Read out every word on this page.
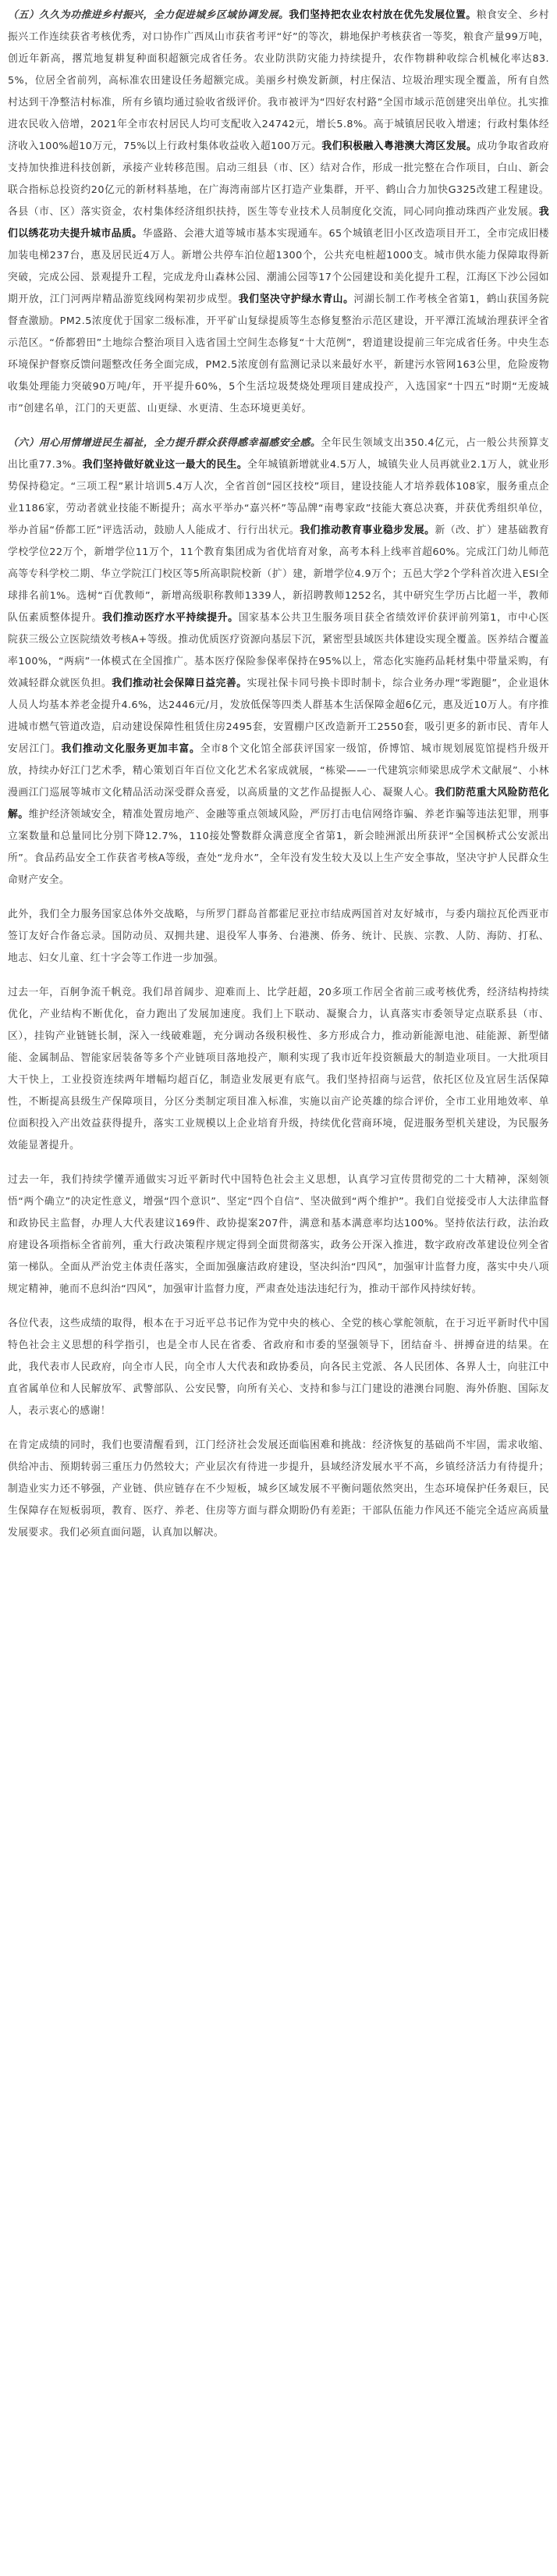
（五）久久为功推进乡村振兴，全力促进城乡区域协调发展。我们坚持把农业农村放在优先发展位置。粮食安全、乡村振兴工作连续获省考核优秀，对口协作广西凤山市获省考评“好”的等次，耕地保护考核获省一等奖，粮食产量99万吨，创近年新高，撂荒地复耕复种面积超额完成省任务。农业防洪防灾能力持续提升，农作物耕种收综合机械化率达83.5%，位居全省前列，高标准农田建设任务超额完成。美丽乡村焕发新颜，村庄保洁、垃圾治理实现全覆盖，所有自然村达到干净整洁村标准，所有乡镇均通过验收省级评价。我市被评为“四好农村路”全国市域示范创建突出单位。扎实推进农民收入倍增，2021年全市农村居民人均可支配收入24742元，增长5.8%。高于城镇居民收入增速；行政村集体经济收入100%超10万元，75%以上行政村集体收益收入超100万元。我们积极融入粤港澳大湾区发展。成功争取省政府支持加快推进科技创新，承接产业转移范围。启动三组县（市、区）结对合作，形成一批完整在合作项目，白山、新会联合指标总投资约20亿元的新材料基地，在广海湾南部片区打造产业集群，开平、鹤山合力加快G325改建工程建设。各县（市、区）落实资金，农村集体经济组织扶持，医生等专业技术人员制度化交流，同心同向推动珠西产业发展。我们以绣花功夫提升城市品质。华盛路、会港大道等城市基本实现通车。65个城镇老旧小区改造项目开工，全市完成旧楼加装电梯237台，惠及居民近4万人。新增公共停车泊位超1300个，公共充电桩超1000支。城市供水能力保障取得新突破，完成公园、景观提升工程，完成龙舟山森林公园、潮浦公园等17个公园建设和美化提升工程，江海区下沙公园如期开放，江门河两岸精品游览线网构架初步成型。我们坚决守护绿水青山。河湖长制工作考核全省第1，鹤山获国务院督查激励。PM2.5浓度优于国家二级标准，开平矿山复绿提质等生态修复整治示范区建设，开平潭江流域治理获评全省示范区。“侨都碧田”土地综合整治项目入选省国土空间生态修复“十大范例”，碧道建设提前三年完成省任务。中央生态环境保护督察反馈问题整改任务全面完成，PM2.5浓度创有监测记录以来最好水平，新建污水管网163公里，危险废物收集处理能力突破90万吨/年，开平提升60%，5个生活垃圾焚烧处理项目建成投产，入选国家“十四五”时期“无废城市”创建名单，江门的天更蓝、山更绿、水更清、生态环境更美好。

（六）用心用情增进民生福祉，全力提升群众获得感幸福感安全感。全年民生领域支出350.4亿元，占一般公共预算支出比重77.3%。我们坚持做好就业这一最大的民生。全年城镇新增就业4.5万人，城镇失业人员再就业2.1万人，就业形势保持稳定。“三项工程”累计培训5.4万人次，全省首创“园区技校”项目，建设技能人才培养载体108家，服务重点企业1186家，劳动者就业技能不断提升；高水平举办“嘉兴杯”等品牌“南粤家政”技能大赛总决赛，并获优秀组织单位，举办首届“侨都工匠”评选活动，鼓励人人能成才、行行出状元。我们推动教育事业稳步发展。新（改、扩）建基础教育学校学位22万个，新增学位11万个，11个教育集团成为省优培育对象，高考本科上线率首超60%。完成江门幼儿师范高等专科学校二期、华立学院江门校区等5所高职院校新（扩）建，新增学位4.9万个；五邑大学2个学科首次进入ESI全球排名前1%。选树“百优教师”，新增高级职称教师1339人，新招聘教师1252名，其中研究生学历占比超一半，教师队伍素质整体提升。我们推动医疗水平持续提升。国家基本公共卫生服务项目获全省绩效评价获评前列第1，市中心医院获三级公立医院绩效考核A+等级。推动优质医疗资源向基层下沉，紧密型县域医共体建设实现全覆盖。医养结合覆盖率100%，“两病”一体模式在全国推广。基本医疗保险参保率保持在95%以上，常态化实施药品耗材集中带量采购，有效减轻群众就医负担。我们推动社会保障日益完善。实现社保卡同号换卡即时制卡，综合业务办理“零跑腿”，企业退休人员人均基本养老金提升4.6%，达2446元/月，发放低保等四类人群基本生活保障金超6亿元，惠及近10万人。有序推进城市燃气管道改造，启动建设保障性租赁住房2495套，安置棚户区改造新开工2550套，吸引更多的新市民、青年人安居江门。我们推动文化服务更加丰富。全市8个文化馆全部获评国家一级馆，侨博馆、城市规划展览馆提档升级开放，持续办好江门艺术季，精心策划百年百位文化艺术名家成就展，“栋梁——一代建筑宗师梁思成学术文献展”、小林漫画江门巡展等城市文化精品活动深受群众喜爱，以高质量的文艺作品提振人心、凝聚人心。我们防范重大风险防范化解。维护经济领域安全，精准处置房地产、金融等重点领域风险，严厉打击电信网络诈骗、养老诈骗等违法犯罪，刑事立案数量和总量同比分别下降12.7%，110接处警数群众满意度全省第1，新会睦洲派出所获评“全国枫桥式公安派出所”。食品药品安全工作获省考核A等级，查处“龙舟水”，全年没有发生较大及以上生产安全事故，坚决守护人民群众生命财产安全。

此外，我们全力服务国家总体外交战略，与所罗门群岛首都霍尼亚拉市结成两国首对友好城市，与委内瑞拉瓦伦西亚市签订友好合作备忘录。国防动员、双拥共建、退役军人事务、台港澳、侨务、统计、民族、宗教、人防、海防、打私、地志、妇女儿童、红十字会等工作进一步加强。

过去一年，百舸争流千帆竞。我们昂首阔步、迎难而上、比学赶超，20多项工作居全省前三或考核优秀，经济结构持续优化，产业结构不断优化，奋力跑出了发展加速度。我们上下联动、凝聚合力，认真落实市委领导定点联系县（市、区），挂钩产业链链长制，深入一线破难题，充分调动各级积极性、多方形成合力，推动新能源电池、硅能源、新型储能、金属制品、智能家居装备等多个产业链项目落地投产，顺利实现了我市近年投资额最大的制造业项目。一大批项目大干快上，工业投资连续两年增幅均超百亿，制造业发展更有底气。我们坚持招商与运营，依托区位及宜居生活保障性，不断提高县级生产保障项目，分区分类制定项目准入标准，实施以亩产论英雄的综合评价，全市工业用地效率、单位面积投入产出效益获得提升，落实工业规模以上企业培育升级，持续优化营商环境，促进服务型机关建设，为民服务效能显著提升。

过去一年，我们持续学懂弄通做实习近平新时代中国特色社会主义思想，认真学习宣传贯彻党的二十大精神，深刻领悟“两个确立”的决定性意义，增强“四个意识”、坚定“四个自信”、坚决做到“两个维护”。我们自觉接受市人大法律监督和政协民主监督，办理人大代表建议169件、政协提案207件，满意和基本满意率均达100%。坚持依法行政，法治政府建设各项指标全省前列，重大行政决策程序规定得到全面贯彻落实，政务公开深入推进，数字政府改革建设位列全省第一梯队。全面从严治党主体责任落实，全面加强廉洁政府建设，坚决纠治“四风”，加强审计监督力度，落实中央八项规定精神，驰而不息纠治“四风”，加强审计监督力度，严肃查处违法违纪行为，推动干部作风持续好转。

各位代表，这些成绩的取得，根本在于习近平总书记作为党中央的核心、全党的核心掌舵领航，在于习近平新时代中国特色社会主义思想的科学指引，也是全市人民在省委、省政府和市委的坚强领导下，团结奋斗、拼搏奋进的结果。在此，我代表市人民政府，向全市人民，向全市人大代表和政协委员，向各民主党派、各人民团体、各界人士，向驻江中直省属单位和人民解放军、武警部队、公安民警，向所有关心、支持和参与江门建设的港澳台同胞、海外侨胞、国际友人，表示衷心的感谢！

在肯定成绩的同时，我们也要清醒看到，江门经济社会发展还面临困难和挑战：经济恢复的基础尚不牢固，需求收缩、供给冲击、预期转弱三重压力仍然较大；产业层次有待进一步提升，县域经济发展水平不高，乡镇经济活力有待提升；制造业实力还不够强，产业链、供应链存在不少短板，城乡区域发展不平衡问题依然突出，生态环境保护任务艰巨，民生保障存在短板弱项，教育、医疗、养老、住房等方面与群众期盼仍有差距；干部队伍能力作风还不能完全适应高质量发展要求。我们必须直面问题，认真加以解决。
